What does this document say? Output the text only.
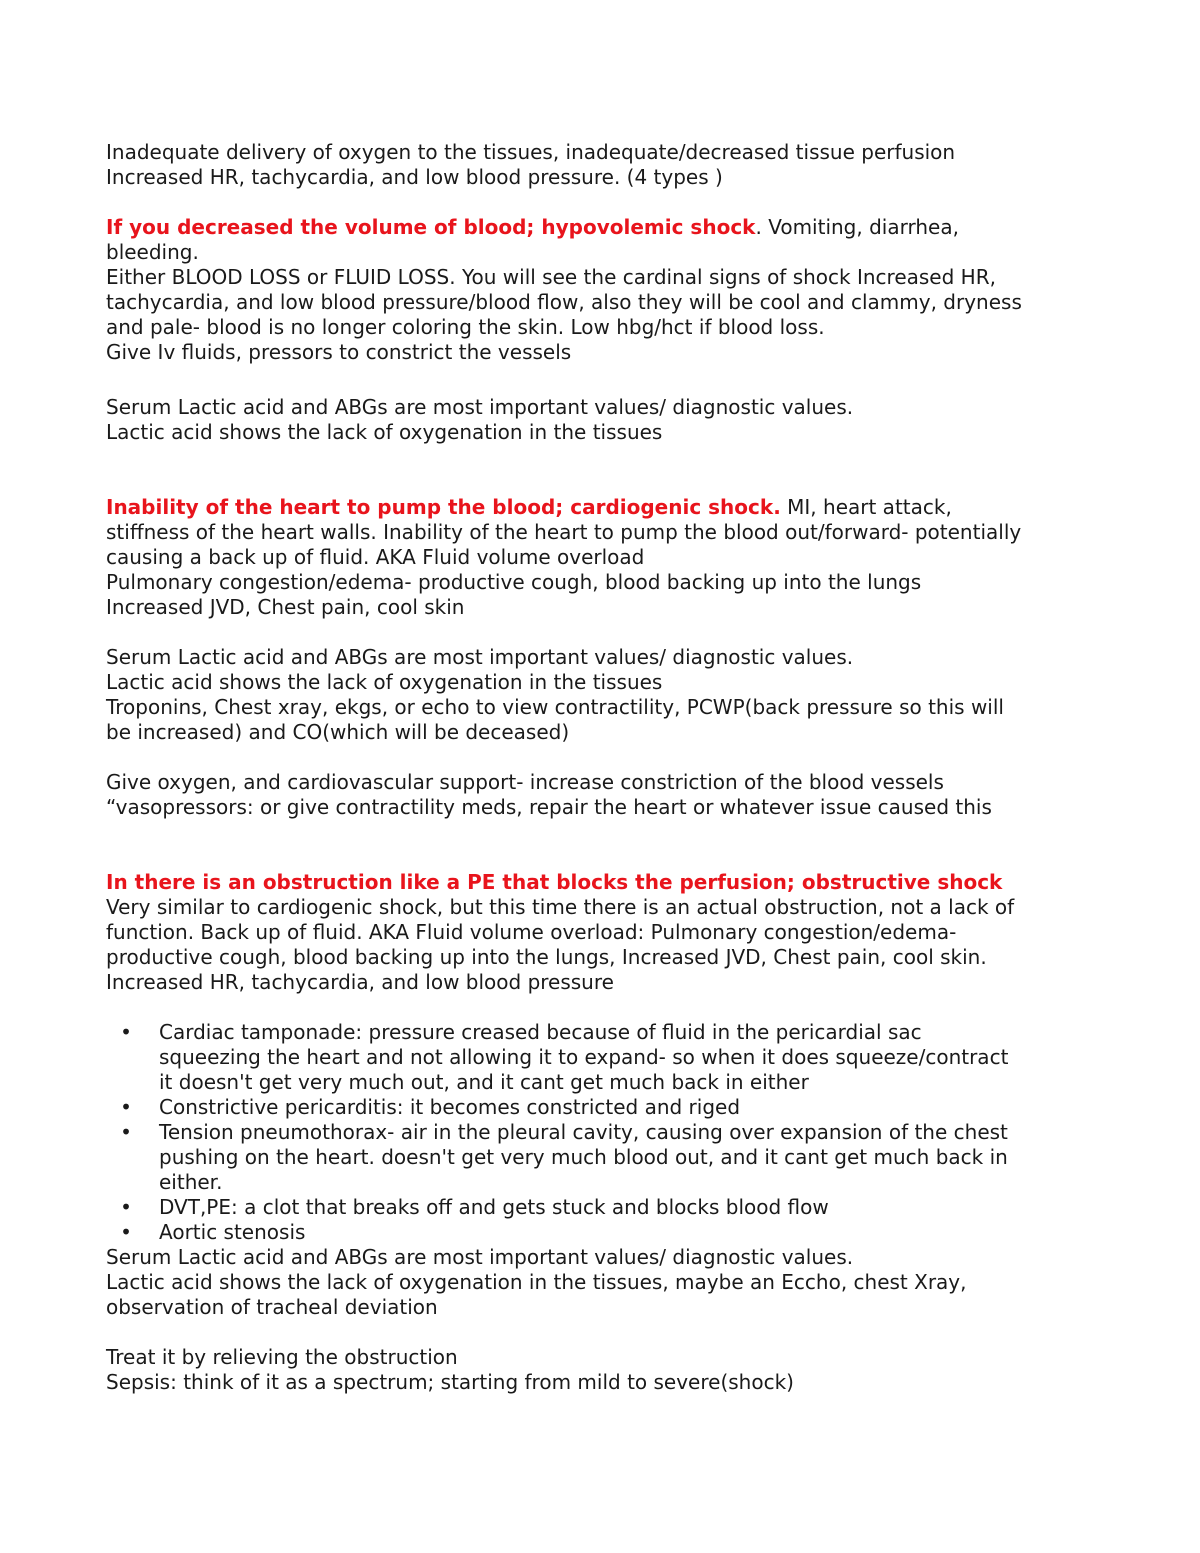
Inadequate delivery of oxygen to the tissues, inadequate/decreased tissue perfusion
Increased HR, tachycardia, and low blood pressure. (4 types )
If you decreased the volume of blood; hypovolemic shock. Vomiting, diarrhea,
bleeding.
Either BLOOD LOSS or FLUID LOSS. You will see the cardinal signs of shock Increased HR,
tachycardia, and low blood pressure/blood flow, also they will be cool and clammy, dryness
and pale- blood is no longer coloring the skin. Low hbg/hct if blood loss.
Give Iv fluids, pressors to constrict the vessels
Serum Lactic acid and ABGs are most important values/ diagnostic values.
Lactic acid shows the lack of oxygenation in the tissues
Inability of the heart to pump the blood; cardiogenic shock. MI, heart attack,
stiffness of the heart walls. Inability of the heart to pump the blood out/forward- potentially
causing a back up of fluid. AKA Fluid volume overload
Pulmonary congestion/edema- productive cough, blood backing up into the lungs
Increased JVD, Chest pain, cool skin
Serum Lactic acid and ABGs are most important values/ diagnostic values.
Lactic acid shows the lack of oxygenation in the tissues
Troponins, Chest xray, ekgs, or echo to view contractility, PCWP(back pressure so this will
be increased) and CO(which will be deceased)
Give oxygen, and cardiovascular support- increase constriction of the blood vessels
“vasopressors: or give contractility meds, repair the heart or whatever issue caused this
In there is an obstruction like a PE that blocks the perfusion; obstructive shock
Very similar to cardiogenic shock, but this time there is an actual obstruction, not a lack of
function. Back up of fluid. AKA Fluid volume overload: Pulmonary congestion/edema-
productive cough, blood backing up into the lungs, Increased JVD, Chest pain, cool skin.
Increased HR, tachycardia, and low blood pressure
• Cardiac tamponade: pressure creased because of fluid in the pericardial sac
squeezing the heart and not allowing it to expand- so when it does squeeze/contract
it doesn't get very much out, and it cant get much back in either
• Constrictive pericarditis: it becomes constricted and riged
• Tension pneumothorax- air in the pleural cavity, causing over expansion of the chest
pushing on the heart. doesn't get very much blood out, and it cant get much back in
either.
• DVT,PE: a clot that breaks off and gets stuck and blocks blood flow
• Aortic stenosis
Serum Lactic acid and ABGs are most important values/ diagnostic values.
Lactic acid shows the lack of oxygenation in the tissues, maybe an Eccho, chest Xray,
observation of tracheal deviation
Treat it by relieving the obstruction
Sepsis: think of it as a spectrum; starting from mild to severe(shock)
